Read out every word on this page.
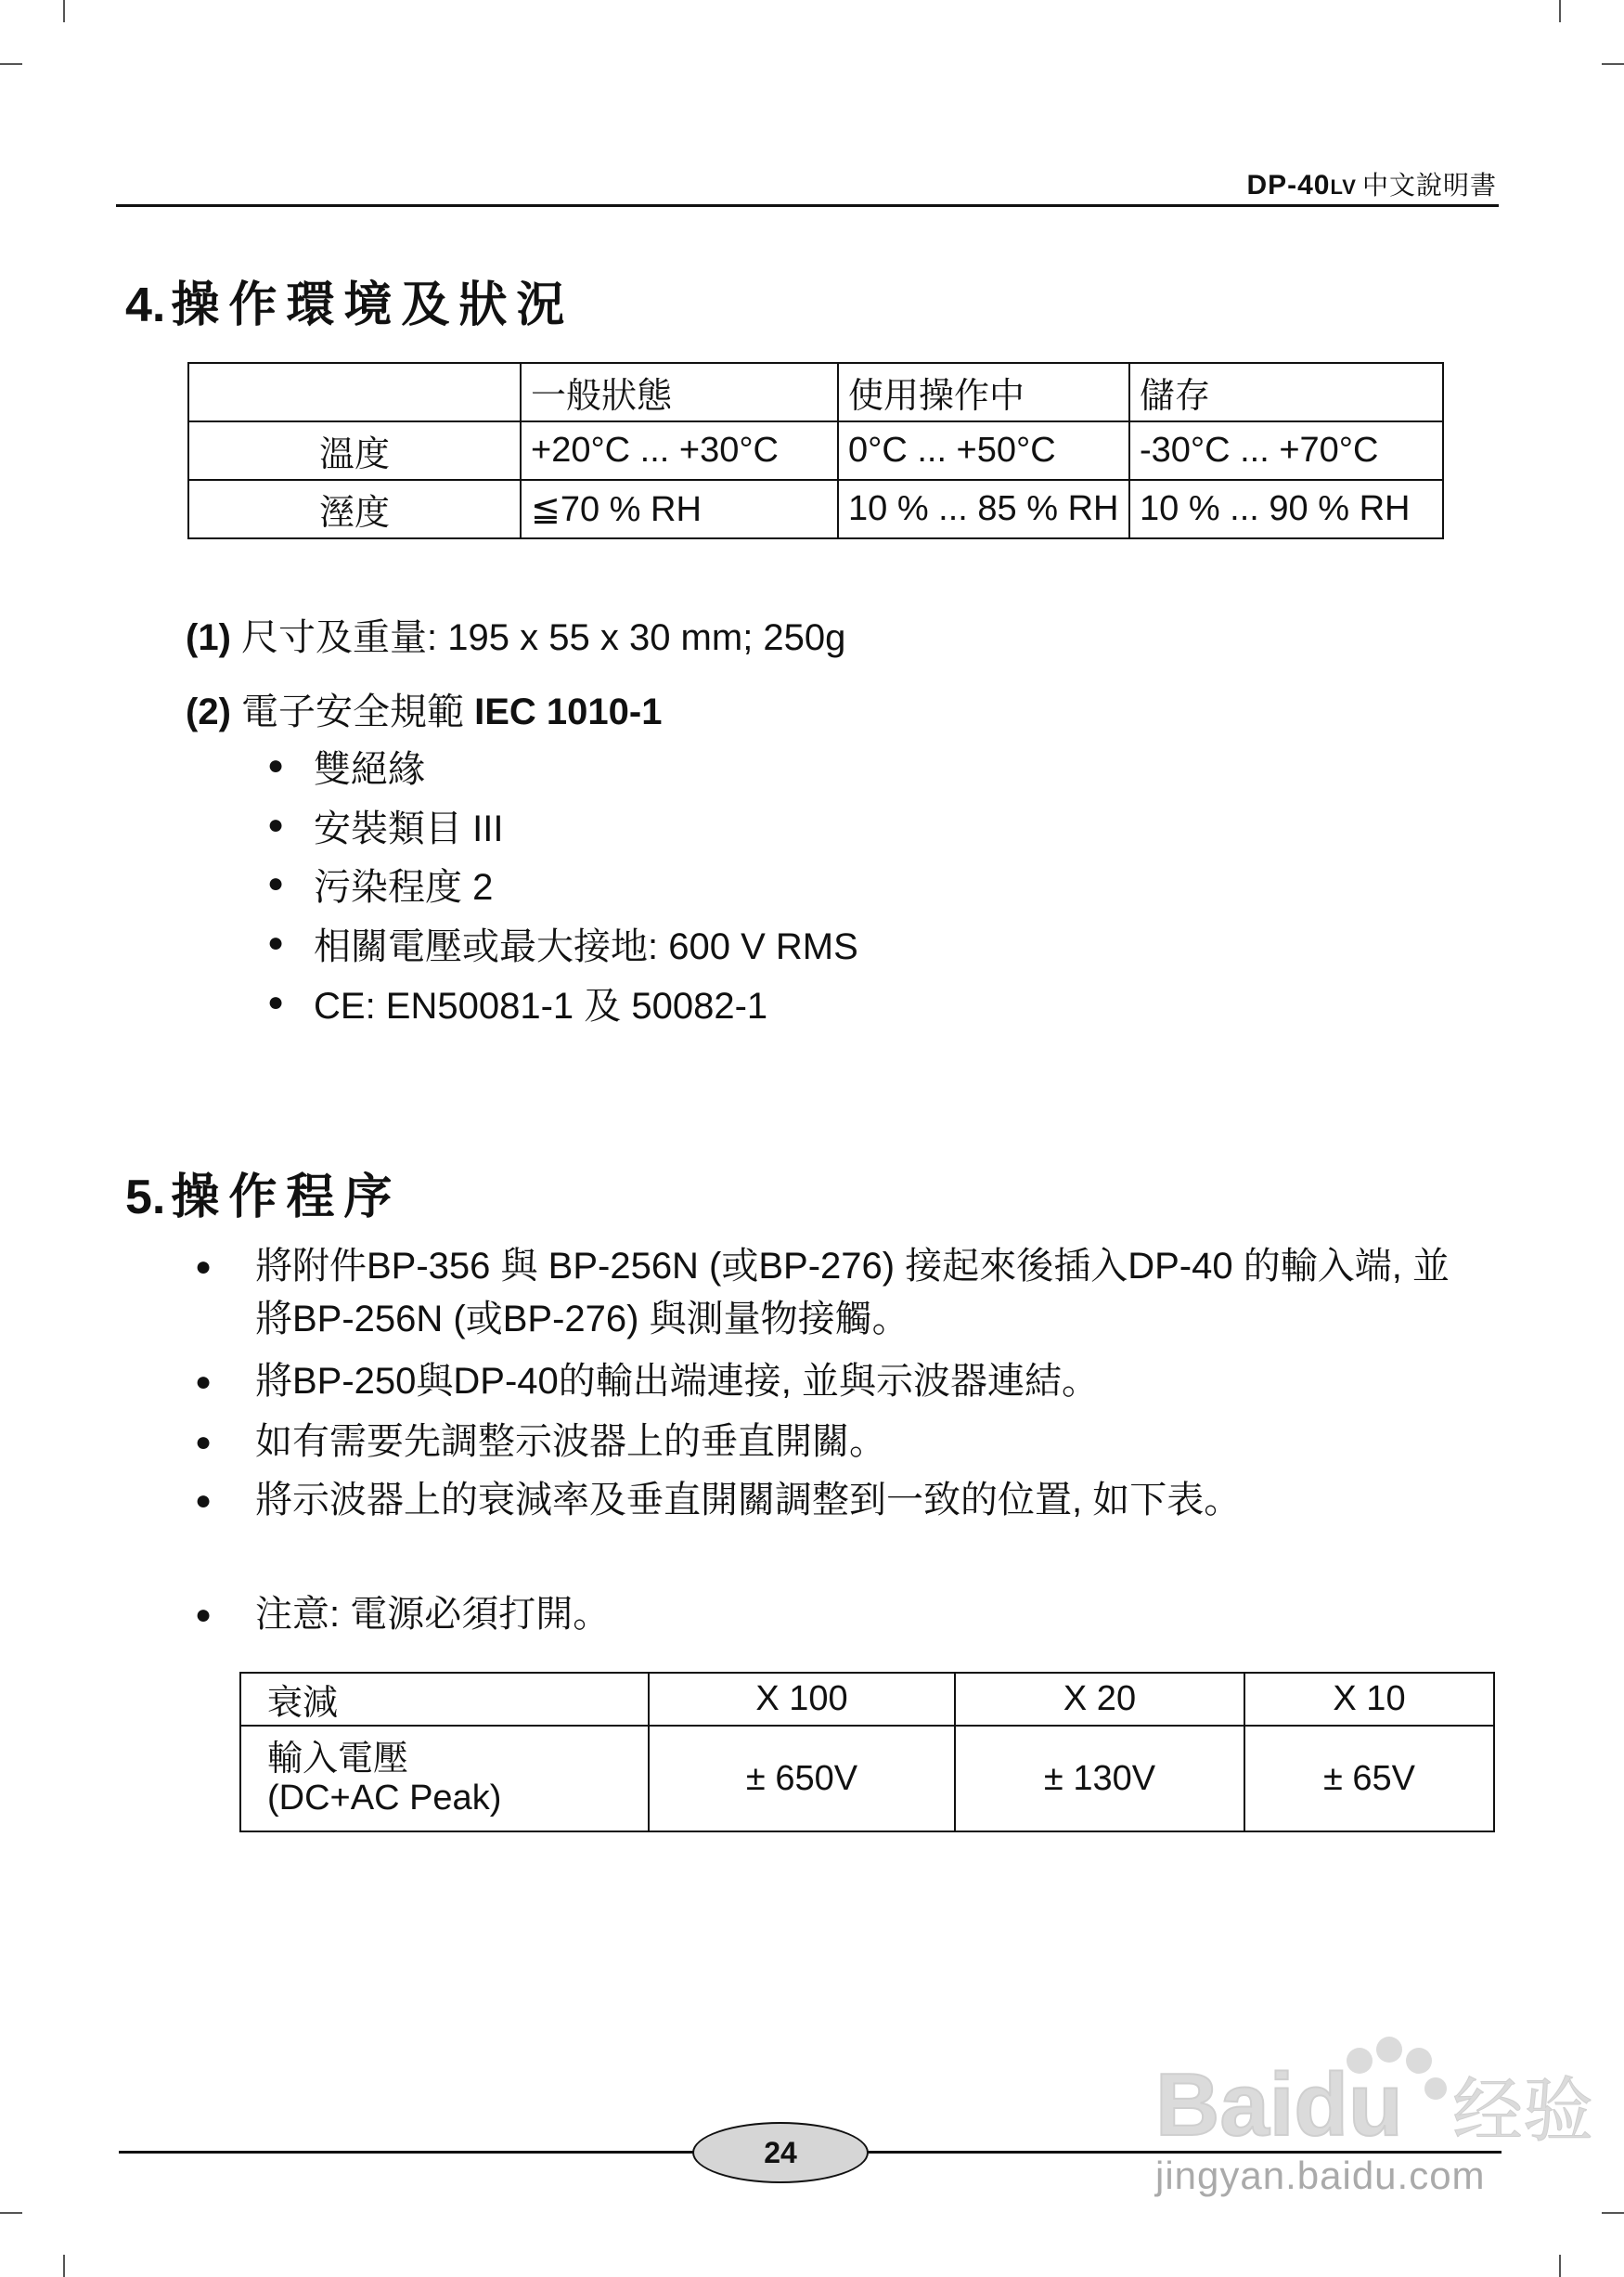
DP-40LV 中文說明書
4. 操作環境及狀況
	一般狀態	使用操作中	儲存
溫度	+20°C ... +30°C	0°C ... +50°C	-30°C ... +70°C
溼度	≦70 % RH	10 % ... 85 % RH	10 % ... 90 % RH
(1) 尺寸及重量: 195 x 55 x 30 mm; 250g
(2) 電子安全規範 IEC 1010-1
● 雙絕緣
● 安裝類目 III
● 污染程度 2
● 相關電壓或最大接地: 600 V RMS
● CE: EN50081-1 及 50082-1
5. 操作程序
● 將附件BP-356 與 BP-256N (或BP-276) 接起來後插入DP-40 的輸入端, 並將BP-256N (或BP-276) 與測量物接觸。
● 將BP-250與DP-40的輸出端連接, 並與示波器連結。
● 如有需要先調整示波器上的垂直開關。
● 將示波器上的衰減率及垂直開關調整到一致的位置, 如下表。
● 注意: 電源必須打開。
衰減	X 100	X 20	X 10

輸入電壓
(DC+AC Peak)	± 650V	± 130V	± 65V
24	Baidu 经验
jingyan.baidu.com
